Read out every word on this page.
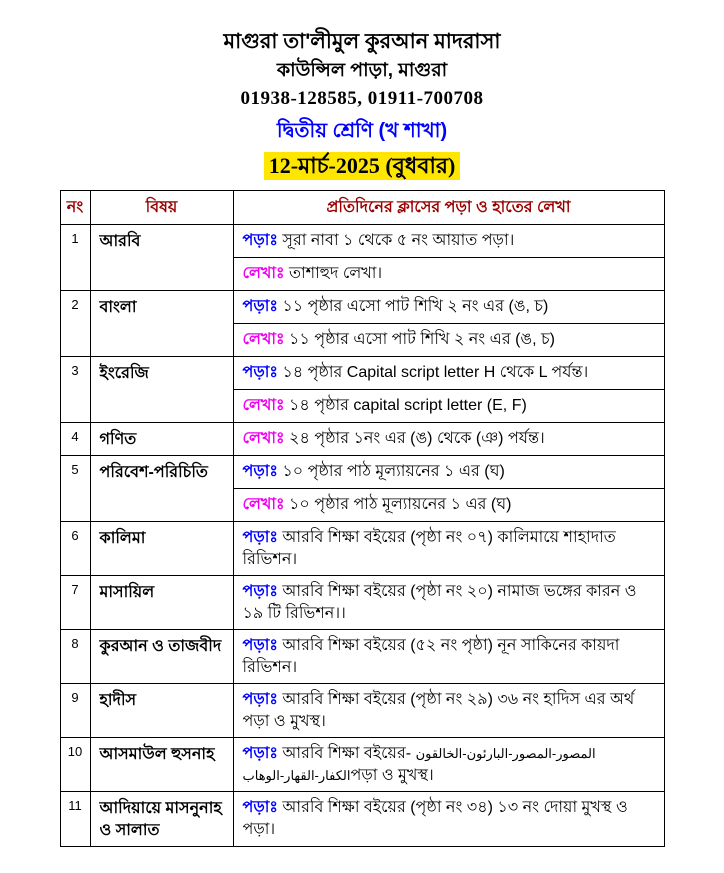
মাগুরা তা'লীমুল কুরআন মাদরাসা
কাউন্সিল পাড়া, মাগুরা
01938-128585, 01911-700708
দ্বিতীয় শ্রেণি (খ শাখা)
12-মার্চ-2025 (বুধবার)
নং	বিষয়	প্রতিদিনের ক্লাসের পড়া ও হাতের লেখা
1	আরবি	পড়াঃ সূরা নাবা ১ থেকে ৫ নং আয়াত পড়া।
		লেখাঃ তাশাহুদ লেখা।
2	বাংলা	পড়াঃ ১১ পৃষ্ঠার এসো পাট শিখি ২ নং এর (ঙ, চ)
		লেখাঃ ১১ পৃষ্ঠার এসো পাট শিখি ২ নং এর (ঙ, চ)
3	ইংরেজি	পড়াঃ ১৪ পৃষ্ঠার Capital script letter H থেকে L পর্যন্ত।
		লেখাঃ ১৪ পৃষ্ঠার capital script letter (E, F)
4	গণিত	লেখাঃ ২৪ পৃষ্ঠার ১নং এর (ঙ) থেকে (ঞ) পর্যন্ত।
5	পরিবেশ-পরিচিতি	পড়াঃ ১০ পৃষ্ঠার পাঠ মূল্যায়নের ১ এর (ঘ)
		লেখাঃ ১০ পৃষ্ঠার পাঠ মূল্যায়নের ১ এর (ঘ)
6	কালিমা	পড়াঃ আরবি শিক্ষা বইয়ের (পৃষ্ঠা নং ০৭) কালিমায়ে শাহাদাত রিভিশন।
7	মাসায়িল	পড়াঃ আরবি শিক্ষা বইয়ের (পৃষ্ঠা নং ২০) নামাজ ভঙ্গের কারন ও ১৯ টি রিভিশন।।
8	কুরআন ও তাজবীদ	পড়াঃ আরবি শিক্ষা বইয়ের (৫২ নং পৃষ্ঠা) নূন সাকিনের কায়দা রিভিশন।
9	হাদীস	পড়াঃ আরবি শিক্ষা বইয়ের (পৃষ্ঠা নং ২৯) ৩৬ নং হাদিস এর অর্থ পড়া ও মুখস্থ।
10	আসমাউল হুসনাহ	পড়াঃ আরবি শিক্ষা বইয়ের- المصور-المصور-البارئون-الخالقون
الكفار-القهار-الوهابপড়া ও মুখস্থ।
11	আদিয়ায়ে মাসনুনাহ ও সালাত	পড়াঃ আরবি শিক্ষা বইয়ের (পৃষ্ঠা নং ৩৪) ১৩ নং দোয়া মুখস্থ ও পড়া।
